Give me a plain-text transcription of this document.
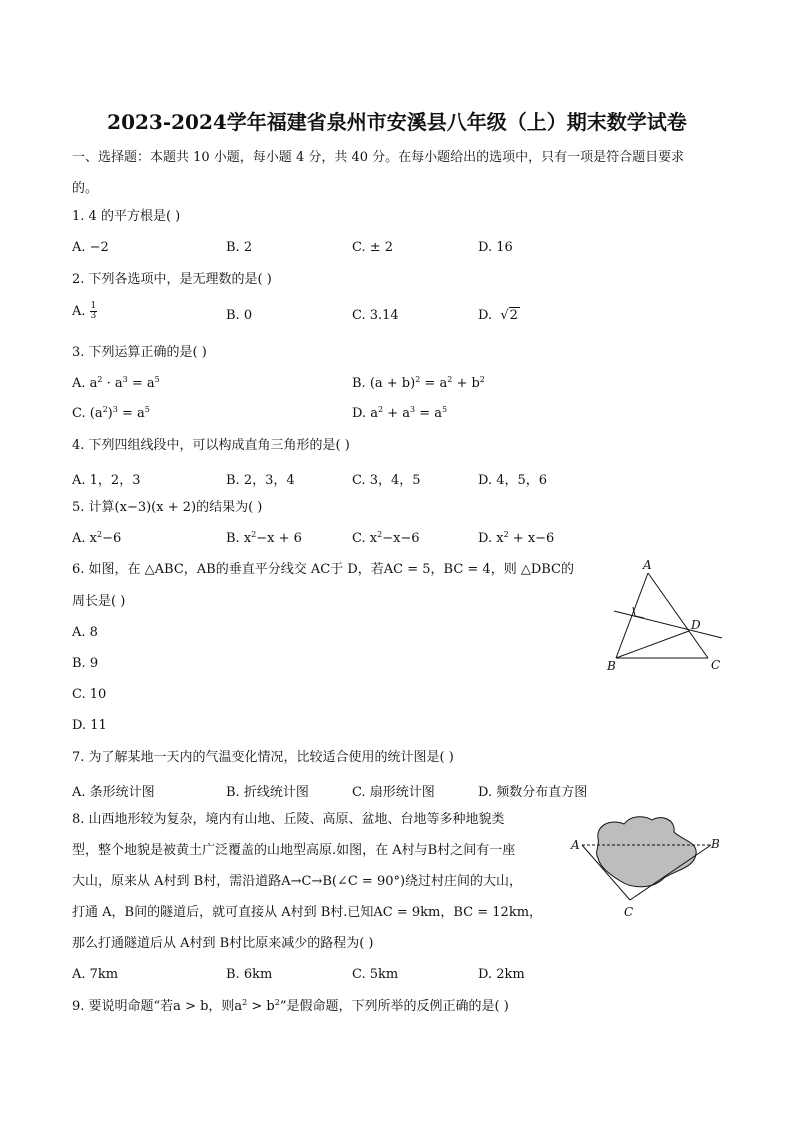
2023-2024学年福建省泉州市安溪县八年级（上）期末数学试卷
一、选择题：本题共 10 小题，每小题 4 分，共 40 分。在每小题给出的选项中，只有一项是符合题目要求
的。
1. 4 的平方根是( )
A. −2	B. 2	C. ± 2	D. 16
2. 下列各选项中，是无理数的是( )
A. $\frac{1}{3}$	B. 0	C. 3.14	D. √2
3. 下列运算正确的是( )
A. $a^2 \cdot a^3 = a^5$	B. $(a + b)^2 = a^2 + b^2$
C. $(a^2)^3 = a^5$	D. $a^2 + a^3 = a^5$
4. 下列四组线段中，可以构成直角三角形的是( )
A. 1，2，3	B. 2，3，4	C. 3，4，5	D. 4，5，6
5. 计算(x−3)(x + 2)的结果为( )
A. $x^2-6$	B. $x^2-x + 6$	C. $x^2-x-6$	D. $x^2 + x-6$
6. 如图，在 △ABC，AB的垂直平分线交 AC于 D，若AC = 5，BC = 4，则 △DBC的
周长是( )
A. 8
B. 9
C. 10
D. 11
A
B	C
D
7. 为了解某地一天内的气温变化情况，比较适合使用的统计图是( )
A. 条形统计图	B. 折线统计图	C. 扇形统计图	D. 频数分布直方图
8. 山西地形较为复杂，境内有山地、丘陵、高原、盆地、台地等多种地貌类
型，整个地貌是被黄土广泛覆盖的山地型高原.如图，在 A村与B村之间有一座
大山，原来从 A村到 B村，需沿道路A→C→B(∠C = 90°)绕过村庄间的大山，
打通 A，B间的隧道后，就可直接从 A村到 B村.已知AC = 9km，BC = 12km，
那么打通隧道后从 A村到 B村比原来减少的路程为( )
A. 7km	B. 6km	C. 5km	D. 2km
A	B
C
9. 要说明命题“若a > b，则$a^2 > b^2$”是假命题，下列所举的反例正确的是( )
